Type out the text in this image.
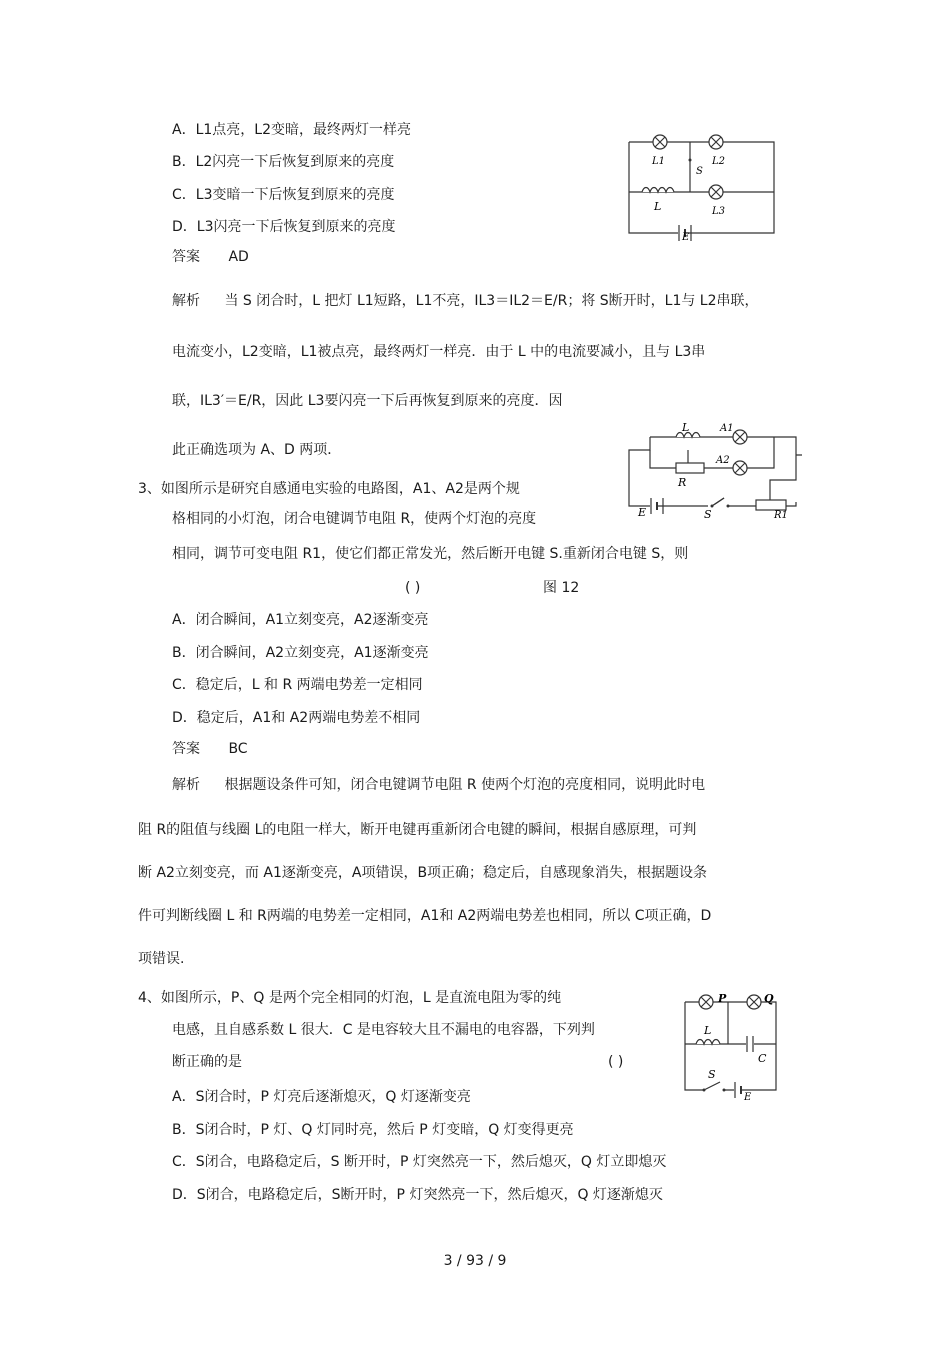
A．L1点亮，L2变暗，最终两灯一样亮
B．L2闪亮一下后恢复到原来的亮度
C．L3变暗一下后恢复到原来的亮度
D．L3闪亮一下后恢复到原来的亮度
答案 AD
解析 当 S 闭合时，L 把灯 L1短路，L1不亮，IL3＝IL2＝E/R；将 S断开时，L1与 L2串联，
电流变小，L2变暗，L1被点亮，最终两灯一样亮．由于 L 中的电流要减小，且与 L3串
联，IL3′＝E/R，因此 L3要闪亮一下后再恢复到原来的亮度．因
此正确选项为 A、D 两项．
L1	L2
S
L	L3
E
3、如图所示是研究自感通电实验的电路图，A1、A2是两个规
格相同的小灯泡，闭合电键调节电阻 R，使两个灯泡的亮度
相同，调节可变电阻 R1，使它们都正常发光，然后断开电键 S.重新闭合电键 S，则
( )	图 12
A．闭合瞬间，A1立刻变亮，A2逐渐变亮
B．闭合瞬间，A2立刻变亮，A1逐渐变亮
C．稳定后，L 和 R 两端电势差一定相同
D．稳定后，A1和 A2两端电势差不相同
答案 BC
解析 根据题设条件可知，闭合电键调节电阻 R 使两个灯泡的亮度相同，说明此时电
阻 R的阻值与线圈 L的电阻一样大，断开电键再重新闭合电键的瞬间，根据自感原理，可判
断 A2立刻变亮，而 A1逐渐变亮，A项错误，B项正确；稳定后，自感现象消失，根据题设条
件可判断线圈 L 和 R两端的电势差一定相同，A1和 A2两端电势差也相同，所以 C项正确，D
项错误.
L	A1
A2
R
E	S	R1
4、如图所示，P、Q 是两个完全相同的灯泡，L 是直流电阻为零的纯
电感，且自感系数 L 很大．C 是电容较大且不漏电的电容器，下列判
断正确的是	( )
A．S闭合时，P 灯亮后逐渐熄灭，Q 灯逐渐变亮
B．S闭合时，P 灯、Q 灯同时亮，然后 P 灯变暗，Q 灯变得更亮
C．S闭合，电路稳定后，S 断开时，P 灯突然亮一下，然后熄灭，Q 灯立即熄灭
D．S闭合，电路稳定后，S断开时，P 灯突然亮一下，然后熄灭，Q 灯逐渐熄灭
P	Q
L
C
S
E
3 / 93 / 9
